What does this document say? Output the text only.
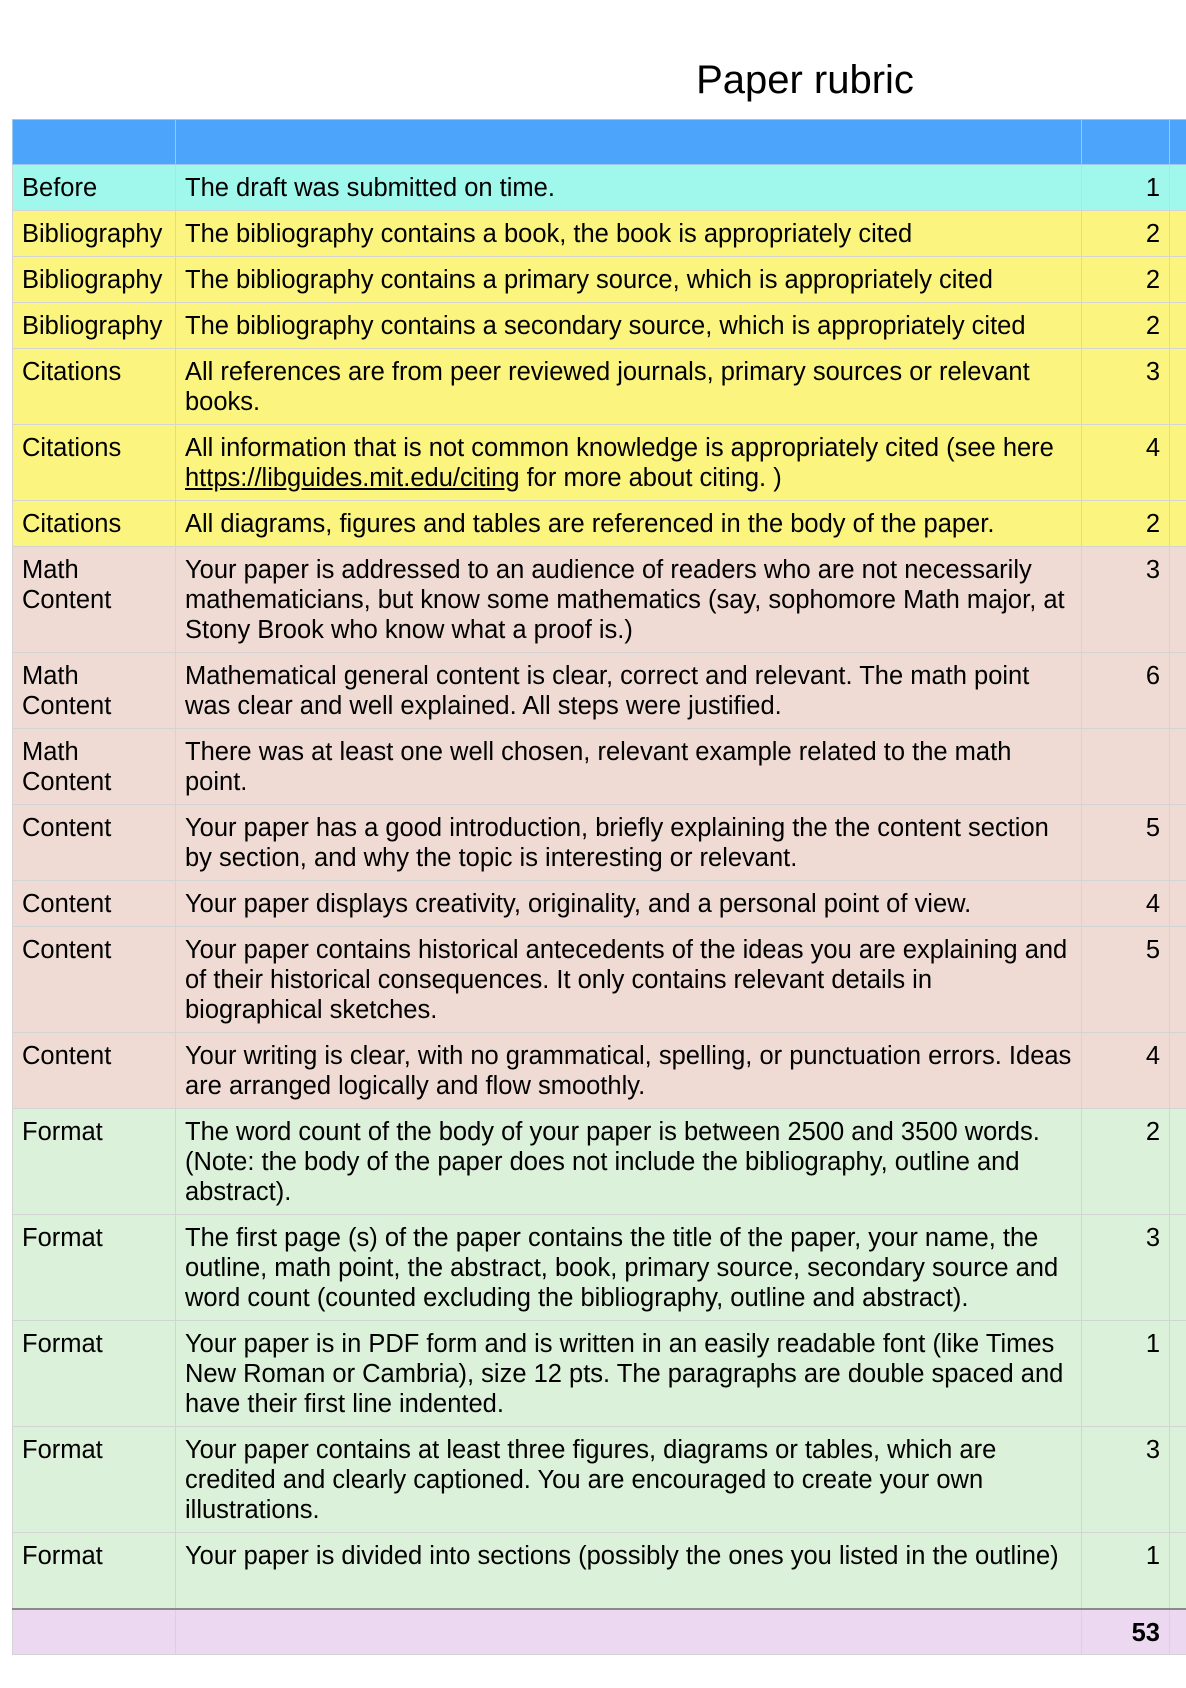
Paper rubric

Before	The draft was submitted on time.	1	
Bibliography	The bibliography contains a book, the book is appropriately cited	2	
Bibliography	The bibliography contains a primary source, which is appropriately cited	2	
Bibliography	The bibliography contains a secondary source, which is appropriately cited	2	
Citations	All references are from peer reviewed journals, primary sources or relevant books.	3	
Citations	All information that is not common knowledge is appropriately cited (see here https://libguides.mit.edu/citing for more about citing. )	4	
Citations	All diagrams, figures and tables are referenced in the body of the paper.	2	
Math Content	Your paper is addressed to an audience of readers who are not necessarily mathematicians, but know some mathematics (say, sophomore Math major, at Stony Brook who know what a proof is.)	3	
Math Content	Mathematical general content is clear, correct and relevant. The math point was clear and well explained. All steps were justified.	6	
Math Content	There was at least one well chosen, relevant example related to the math point.		
Content	Your paper has a good introduction, briefly explaining the the content section by section, and why the topic is interesting or relevant.	5	
Content	Your paper displays creativity, originality, and a personal point of view.	4	
Content	Your paper contains historical antecedents of the ideas you are explaining and of their historical consequences. It only contains relevant details in biographical sketches.	5	
Content	Your writing is clear, with no grammatical, spelling, or punctuation errors. Ideas are arranged logically and flow smoothly.	4	
Format	The word count of the body of your paper is between 2500 and 3500 words. (Note: the body of the paper does not include the bibliography, outline and abstract).	2	
Format	The first page (s) of the paper contains the title of the paper, your name, the outline, math point, the abstract, book, primary source, secondary source and word count (counted excluding the bibliography, outline and abstract).	3	
Format	Your paper is in PDF form and is written in an easily readable font (like Times New Roman or Cambria), size 12 pts. The paragraphs are double spaced and have their first line indented.	1	
Format	Your paper contains at least three figures, diagrams or tables, which are credited and clearly captioned. You are encouraged to create your own illustrations.	3	
Format	Your paper is divided into sections (possibly the ones you listed in the outline)	1	
		53	
